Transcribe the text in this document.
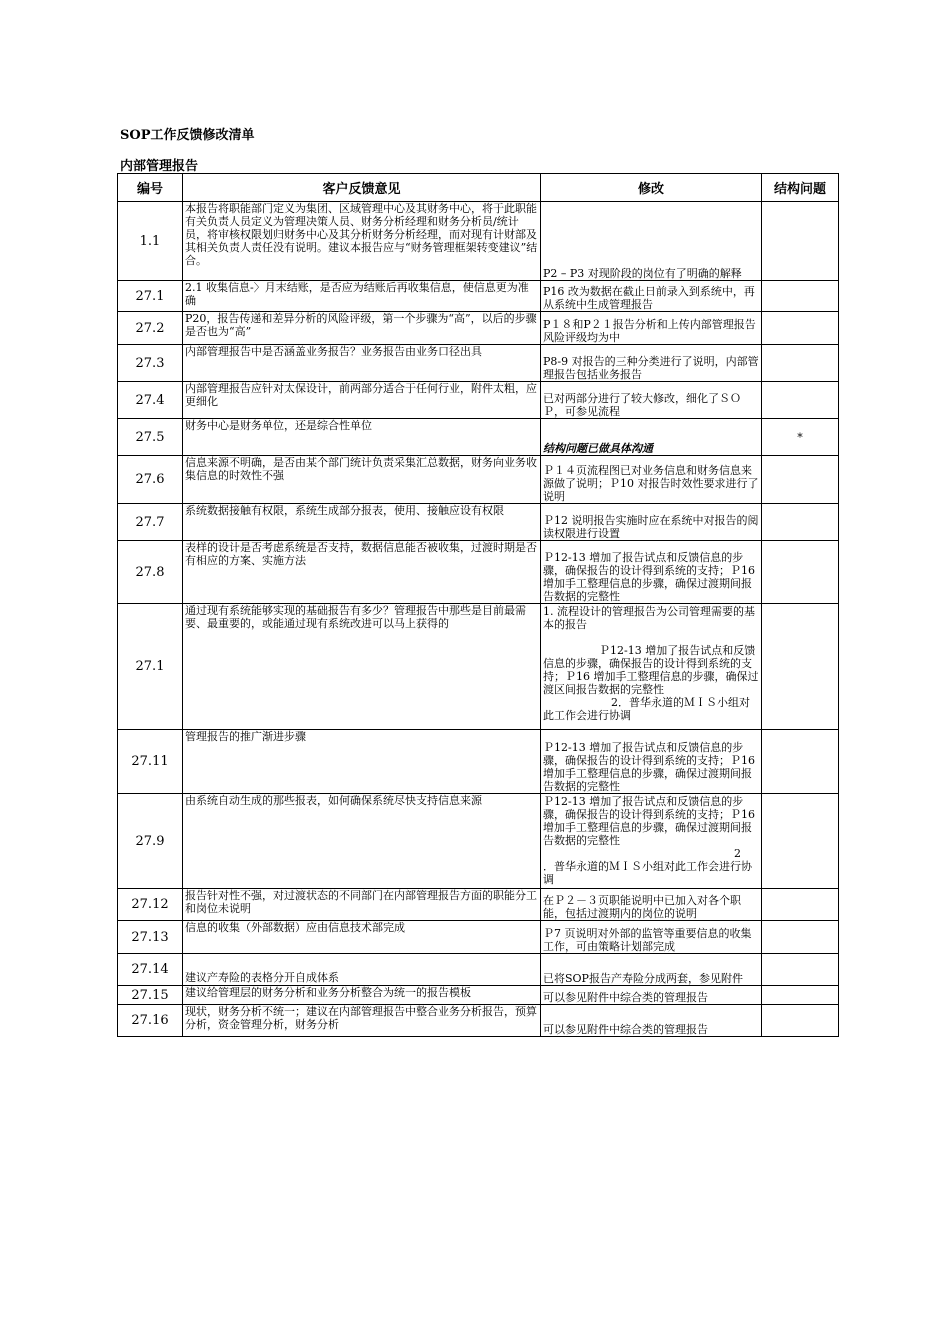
SOP工作反馈修改清单
内部管理报告
编号	客户反馈意见	修改	结构问题
1.1	本报告将职能部门定义为集团、区域管理中心及其财务中心，将于此职能有关负责人员定义为管理决策人员、财务分析经理和财务分析员/统计员，将审核权限划归财务中心及其分析财务分析经理，而对现有计财部及其相关负责人责任没有说明。建议本报告应与“财务管理框架转变建议”结合。	P2 – P3 对现阶段的岗位有了明确的解释	
27.1	2.1 收集信息-〉月末结账，是否应为结账后再收集信息，使信息更为准确	P16 改为数据在截止日前录入到系统中，再从系统中生成管理报告	
27.2	P20，报告传递和差异分析的风险评级，第一个步骤为“高”，以后的步骤是否也为“高”	P１８和P２１报告分析和上传内部管理报告风险评级均为中	
27.3	内部管理报告中是否涵盖业务报告？业务报告由业务口径出具	P8-9 对报告的三种分类进行了说明，内部管理报告包括业务报告	
27.4	内部管理报告应针对太保设计，前两部分适合于任何行业，附件太粗，应更细化	已对两部分进行了较大修改，细化了ＳＯＰ，可参见流程	
27.5	财务中心是财务单位，还是综合性单位	结构问题已做具体沟通	*
27.6	信息来源不明确，是否由某个部门统计负责采集汇总数据，财务向业务收集信息的时效性不强	Ｐ１４页流程图已对业务信息和财务信息来源做了说明；Ｐ10 对报告时效性要求进行了说明	
27.7	系统数据接触有权限，系统生成部分报表，使用、接触应设有权限	Ｐ12 说明报告实施时应在系统中对报告的阅读权限进行设置	
27.8	表样的设计是否考虑系统是否支持，数据信息能否被收集，过渡时期是否有相应的方案、实施方法	Ｐ12-13 增加了报告试点和反馈信息的步骤，确保报告的设计得到系统的支持；Ｐ16 增加手工整理信息的步骤，确保过渡期间报告数据的完整性	
27.1	通过现有系统能够实现的基础报告有多少？管理报告中那些是目前最需要、最重要的，或能通过现有系统改进可以马上获得的	1. 流程设计的管理报告为公司管理需要的基本的报告
Ｐ12-13 增加了报告试点和反馈信息的步骤，确保报告的设计得到系统的支持；Ｐ16 增加手工整理信息的步骤，确保过渡区间报告数据的完整性
2．普华永道的ＭＩＳ小组对此工作会进行协调	

27.11	管理报告的推广渐进步骤	Ｐ12-13 增加了报告试点和反馈信息的步骤，确保报告的设计得到系统的支持；Ｐ16 增加手工整理信息的步骤，确保过渡期间报告数据的完整性	
27.9	由系统自动生成的那些报表，如何确保系统尽快支持信息来源	Ｐ12-13 增加了报告试点和反馈信息的步骤，确保报告的设计得到系统的支持；Ｐ16 增加手工整理信息的步骤，确保过渡期间报告数据的完整性
2
．普华永道的ＭＩＳ小组对此工作会进行协调	
27.12	报告针对性不强，对过渡状态的不同部门在内部管理报告方面的职能分工和岗位未说明	在Ｐ２－３页职能说明中已加入对各个职能，包括过渡期内的岗位的说明	
27.13	信息的收集（外部数据）应由信息技术部完成	Ｐ7 页说明对外部的监管等重要信息的收集工作，可由策略计划部完成	
27.14	建议产寿险的表格分开自成体系	已将SOP报告产寿险分成两套，参见附件	
27.15	建议给管理层的财务分析和业务分析整合为统一的报告模板	可以参见附件中综合类的管理报告	
27.16	现状，财务分析不统一；建议在内部管理报告中整合业务分析报告，预算分析，资金管理分析，财务分析	可以参见附件中综合类的管理报告	
